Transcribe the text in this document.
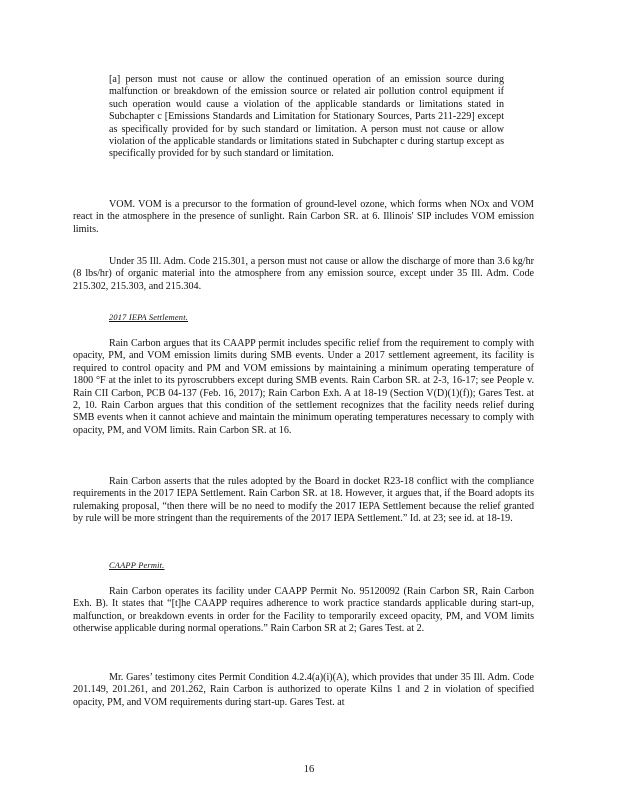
[a] person must not cause or allow the continued operation of an emission source during malfunction or breakdown of the emission source or related air pollution control equipment if such operation would cause a violation of the applicable standards or limitations stated in Subchapter c [Emissions Standards and Limitation for Stationary Sources, Parts 211-229] except as specifically provided for by such standard or limitation. A person must not cause or allow violation of the applicable standards or limitations stated in Subchapter c during startup except as specifically provided for by such standard or limitation.

VOM. VOM is a precursor to the formation of ground-level ozone, which forms when NOx and VOM react in the atmosphere in the presence of sunlight. Rain Carbon SR. at 6. Illinois' SIP includes VOM emission limits.

Under 35 Ill. Adm. Code 215.301, a person must not cause or allow the discharge of more than 3.6 kg/hr (8 lbs/hr) of organic material into the atmosphere from any emission source, except under 35 Ill. Adm. Code 215.302, 215.303, and 215.304.

2017 IEPA Settlement.

Rain Carbon argues that its CAAPP permit includes specific relief from the requirement to comply with opacity, PM, and VOM emission limits during SMB events. Under a 2017 settlement agreement, its facility is required to control opacity and PM and VOM emissions by maintaining a minimum operating temperature of 1800 °F at the inlet to its pyroscrubbers except during SMB events. Rain Carbon SR. at 2-3, 16-17; see People v. Rain CII Carbon, PCB 04-137 (Feb. 16, 2017); Rain Carbon Exh. A at 18-19 (Section V(D)(1)(f)); Gares Test. at 2, 10. Rain Carbon argues that this condition of the settlement recognizes that the facility needs relief during SMB events when it cannot achieve and maintain the minimum operating temperatures necessary to comply with opacity, PM, and VOM limits. Rain Carbon SR. at 16.

Rain Carbon asserts that the rules adopted by the Board in docket R23-18 conflict with the compliance requirements in the 2017 IEPA Settlement. Rain Carbon SR. at 18. However, it argues that, if the Board adopts its rulemaking proposal, “then there will be no need to modify the 2017 IEPA Settlement because the relief granted by rule will be more stringent than the requirements of the 2017 IEPA Settlement.” Id. at 23; see id. at 18-19.

CAAPP Permit.

Rain Carbon operates its facility under CAAPP Permit No. 95120092 (Rain Carbon SR, Rain Carbon Exh. B). It states that “[t]he CAAPP requires adherence to work practice standards applicable during start-up, malfunction, or breakdown events in order for the Facility to temporarily exceed opacity, PM, and VOM limits otherwise applicable during normal operations.” Rain Carbon SR at 2; Gares Test. at 2.

Mr. Gares’ testimony cites Permit Condition 4.2.4(a)(i)(A), which provides that under 35 Ill. Adm. Code 201.149, 201.261, and 201.262, Rain Carbon is authorized to operate Kilns 1 and 2 in violation of specified opacity, PM, and VOM requirements during start-up. Gares Test. at

16
